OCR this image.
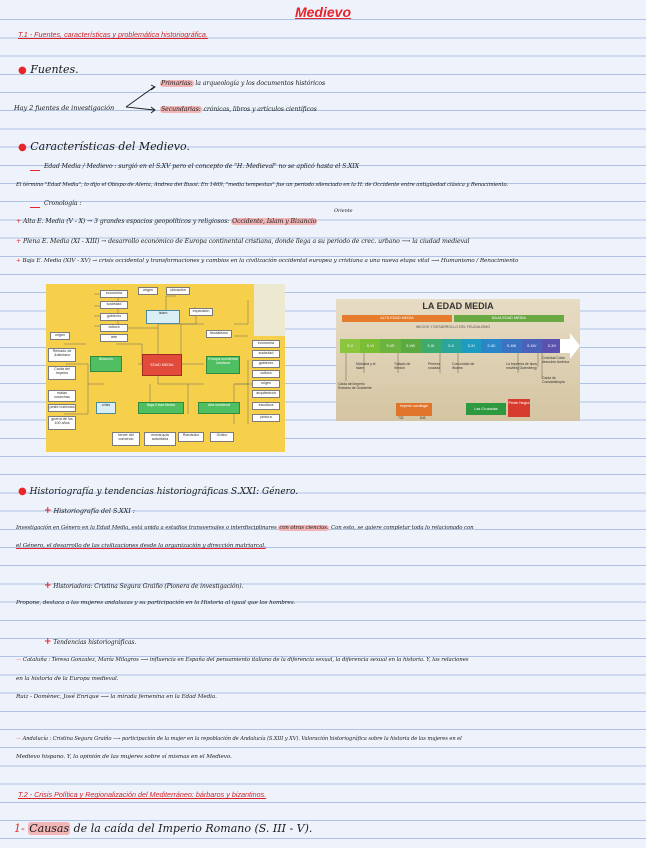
Medievo
T.1 - Fuentes, características y problemática historiográfica.
● Fuentes.
Hay 2 fuentes de investigación
Primarias: la arqueología y los documentos históricos
Secundarias: crónicas, libros y artículos científicos
● Características del Medievo.
Edad Media / Medievo : surgió en el S.XV pero el concepto de "H. Medieval" no se aplicó hasta el S.XIX
El término "Edad Media", lo dijo el Obispo de Aleria, Andrea dei Bussi. En 1469, "media tempestas" fue un periodo silenciado en la H. de Occidente entre antigüedad clásica y Renacimiento.
Cronología :
Oriente
+ Alta E. Media (V - X) → 3 grandes espacios geopolíticos y religiosos: Occidente, Islam y Bizancio
+ Plena E. Media (XI - XIII) → desarrollo económico de Europa continental cristiana, donde llega a su periodo de crec. urbano ⟶ la ciudad medieval
+ Baja E. Media (XIV - XV) → crisis occidental y transformaciones y cambios en la civilización occidental europea y cristiana a una nueva etapa vital ⟶ Humanismo / Renacimiento
economía
origen	ubicación
sociedad
Islam	expansión
gobierno
cultura
arte
feudalismo
origen
Bizancio	Europa occidental cristiana
Reinado de Justiniano
Caída del Imperio
economía
sociedad
gobierno
cultura
Baja Edad Media	Alta medieval
crisis
origen
malas cosechas
peste bubónica
guerra de los 100 años
tercer del comercio
monarquía autoritaria
arquitectura
escultura
pintura
Románico	Gótico
EDAD MEDIA
LA EDAD MEDIA
ALTA EDAD MEDIA	BAJA EDAD MEDIA
INICIOS Y DESARROLLO DEL FEUDALISMO
S.V	S.VI	S.VII	S.VIII	S.IX	S.X	S.XI	S.XII	S.XIII	S.XIV	S.XV
Caída del Imperio Romano de Occidente
Mahoma y el Islam
Tratado de Verdún
Primera cruzada
Concordato de Worms
La Imprenta de tipos móviles (Gutenberg)
Cristóbal Colón descubre América
Caída de Constantinopla
Imperio carolingio
Las Cruzadas
Peste Negra
732	843
● Historiografía y tendencias historiográficas S.XXI: Género.
+ Historiografía del S.XXI :
Investigación en Género en la Edad Media, está unida a estudios transversales o interdisciplinares con otras ciencias. Con esto, se quiere completar toda lo relacionado con
el Género, el desarrollo de las civilizaciones desde la organización y dirección matriarcal.
+ Historiadora: Cristina Segura Graiño (Pionera de investigación).
Propone, destaca a las mujeres andaluzas y su participación en la Historia al igual que los hombres.
+ Tendencias historiográficas.
— Cataluña : Teresa Gonzalez, María Milagros ⟶ influencia en España del pensamiento italiano de la diferencia sexual, la diferencia sexual en la historia. Y, las relaciones
en la historia de la Europa medieval.
Ruiz - Domènec, José Enrique ⟶ la mirada femenina en la Edad Media.
— Andalucía : Cristina Segura Graiño ⟶ participación de la mujer en la repoblación de Andalucía (S.XIII y XV). Valoración historiográfica sobre la historia de las mujeres en el
Medievo hispano. Y, la opinión de las mujeres sobre sí mismas en el Medievo.
T.2 - Crisis Política y Regionalización del Mediterráneo: bárbaros y bizantinos.
1- Causas de la caída del Imperio Romano (S. III - V).
